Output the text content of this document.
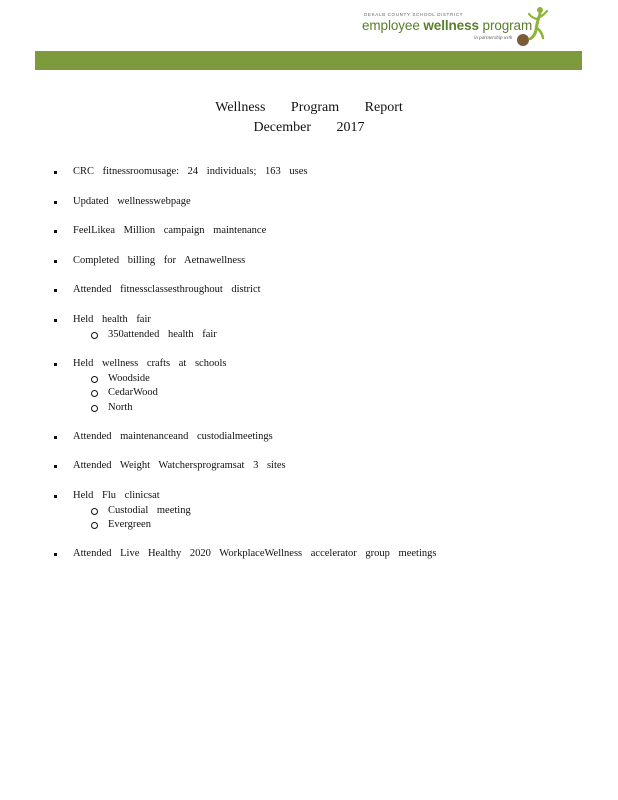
DEKALB COUNTY SCHOOL DISTRICT
employee wellness program
in partnership with
Wellness Program Report
December 2017
CRC fitnessroomusage: 24 individuals; 163 uses
Updated wellnesswebpage
FeelLikea Million campaign maintenance
Completed billing for Aetnawellness
Attended fitnessclassesthroughout district
Held health fair
350attended health fair
Held wellness crafts at schools
Woodside
CedarWood
North
Attended maintenanceand custodialmeetings
Attended Weight Watchersprogramsat 3 sites
Held Flu clinicsat
Custodial meeting
Evergreen
Attended Live Healthy 2020 WorkplaceWellness accelerator group meetings
